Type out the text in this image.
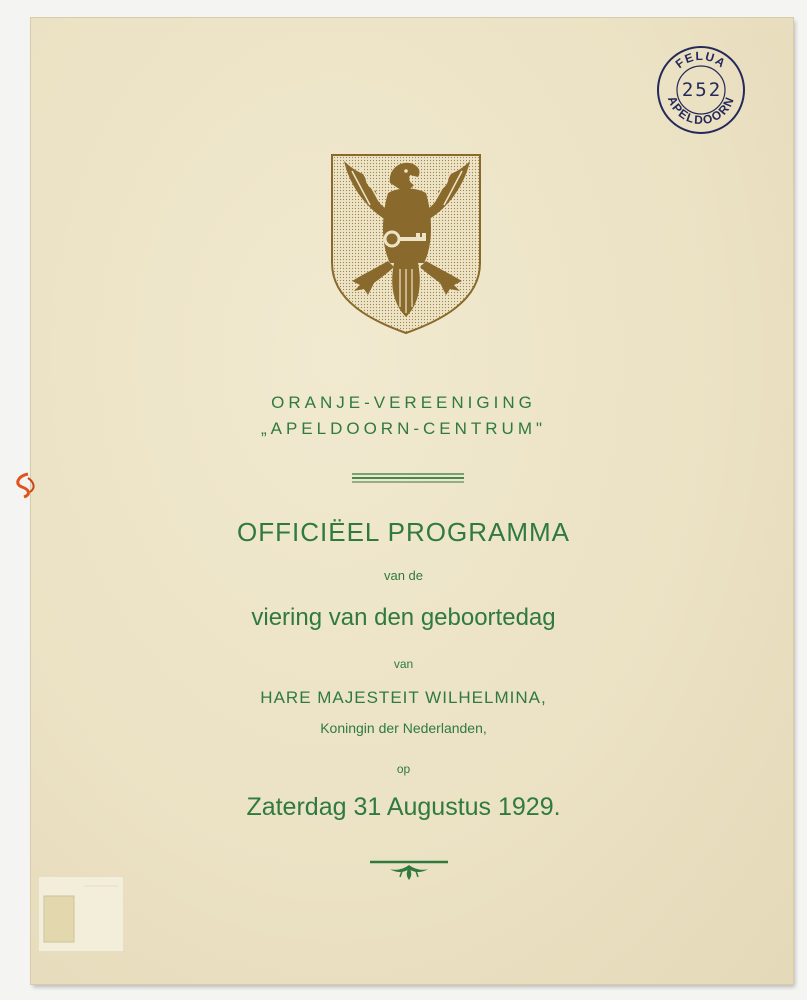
FELUA
APELDOORN
252
ORANJE-VEREENIGING
„APELDOORN-CENTRUM"
OFFICIËEL PROGRAMMA
van de
viering van den geboortedag
van
HARE MAJESTEIT WILHELMINA,
Koningin der Nederlanden,
op
Zaterdag 31 Augustus 1929.
